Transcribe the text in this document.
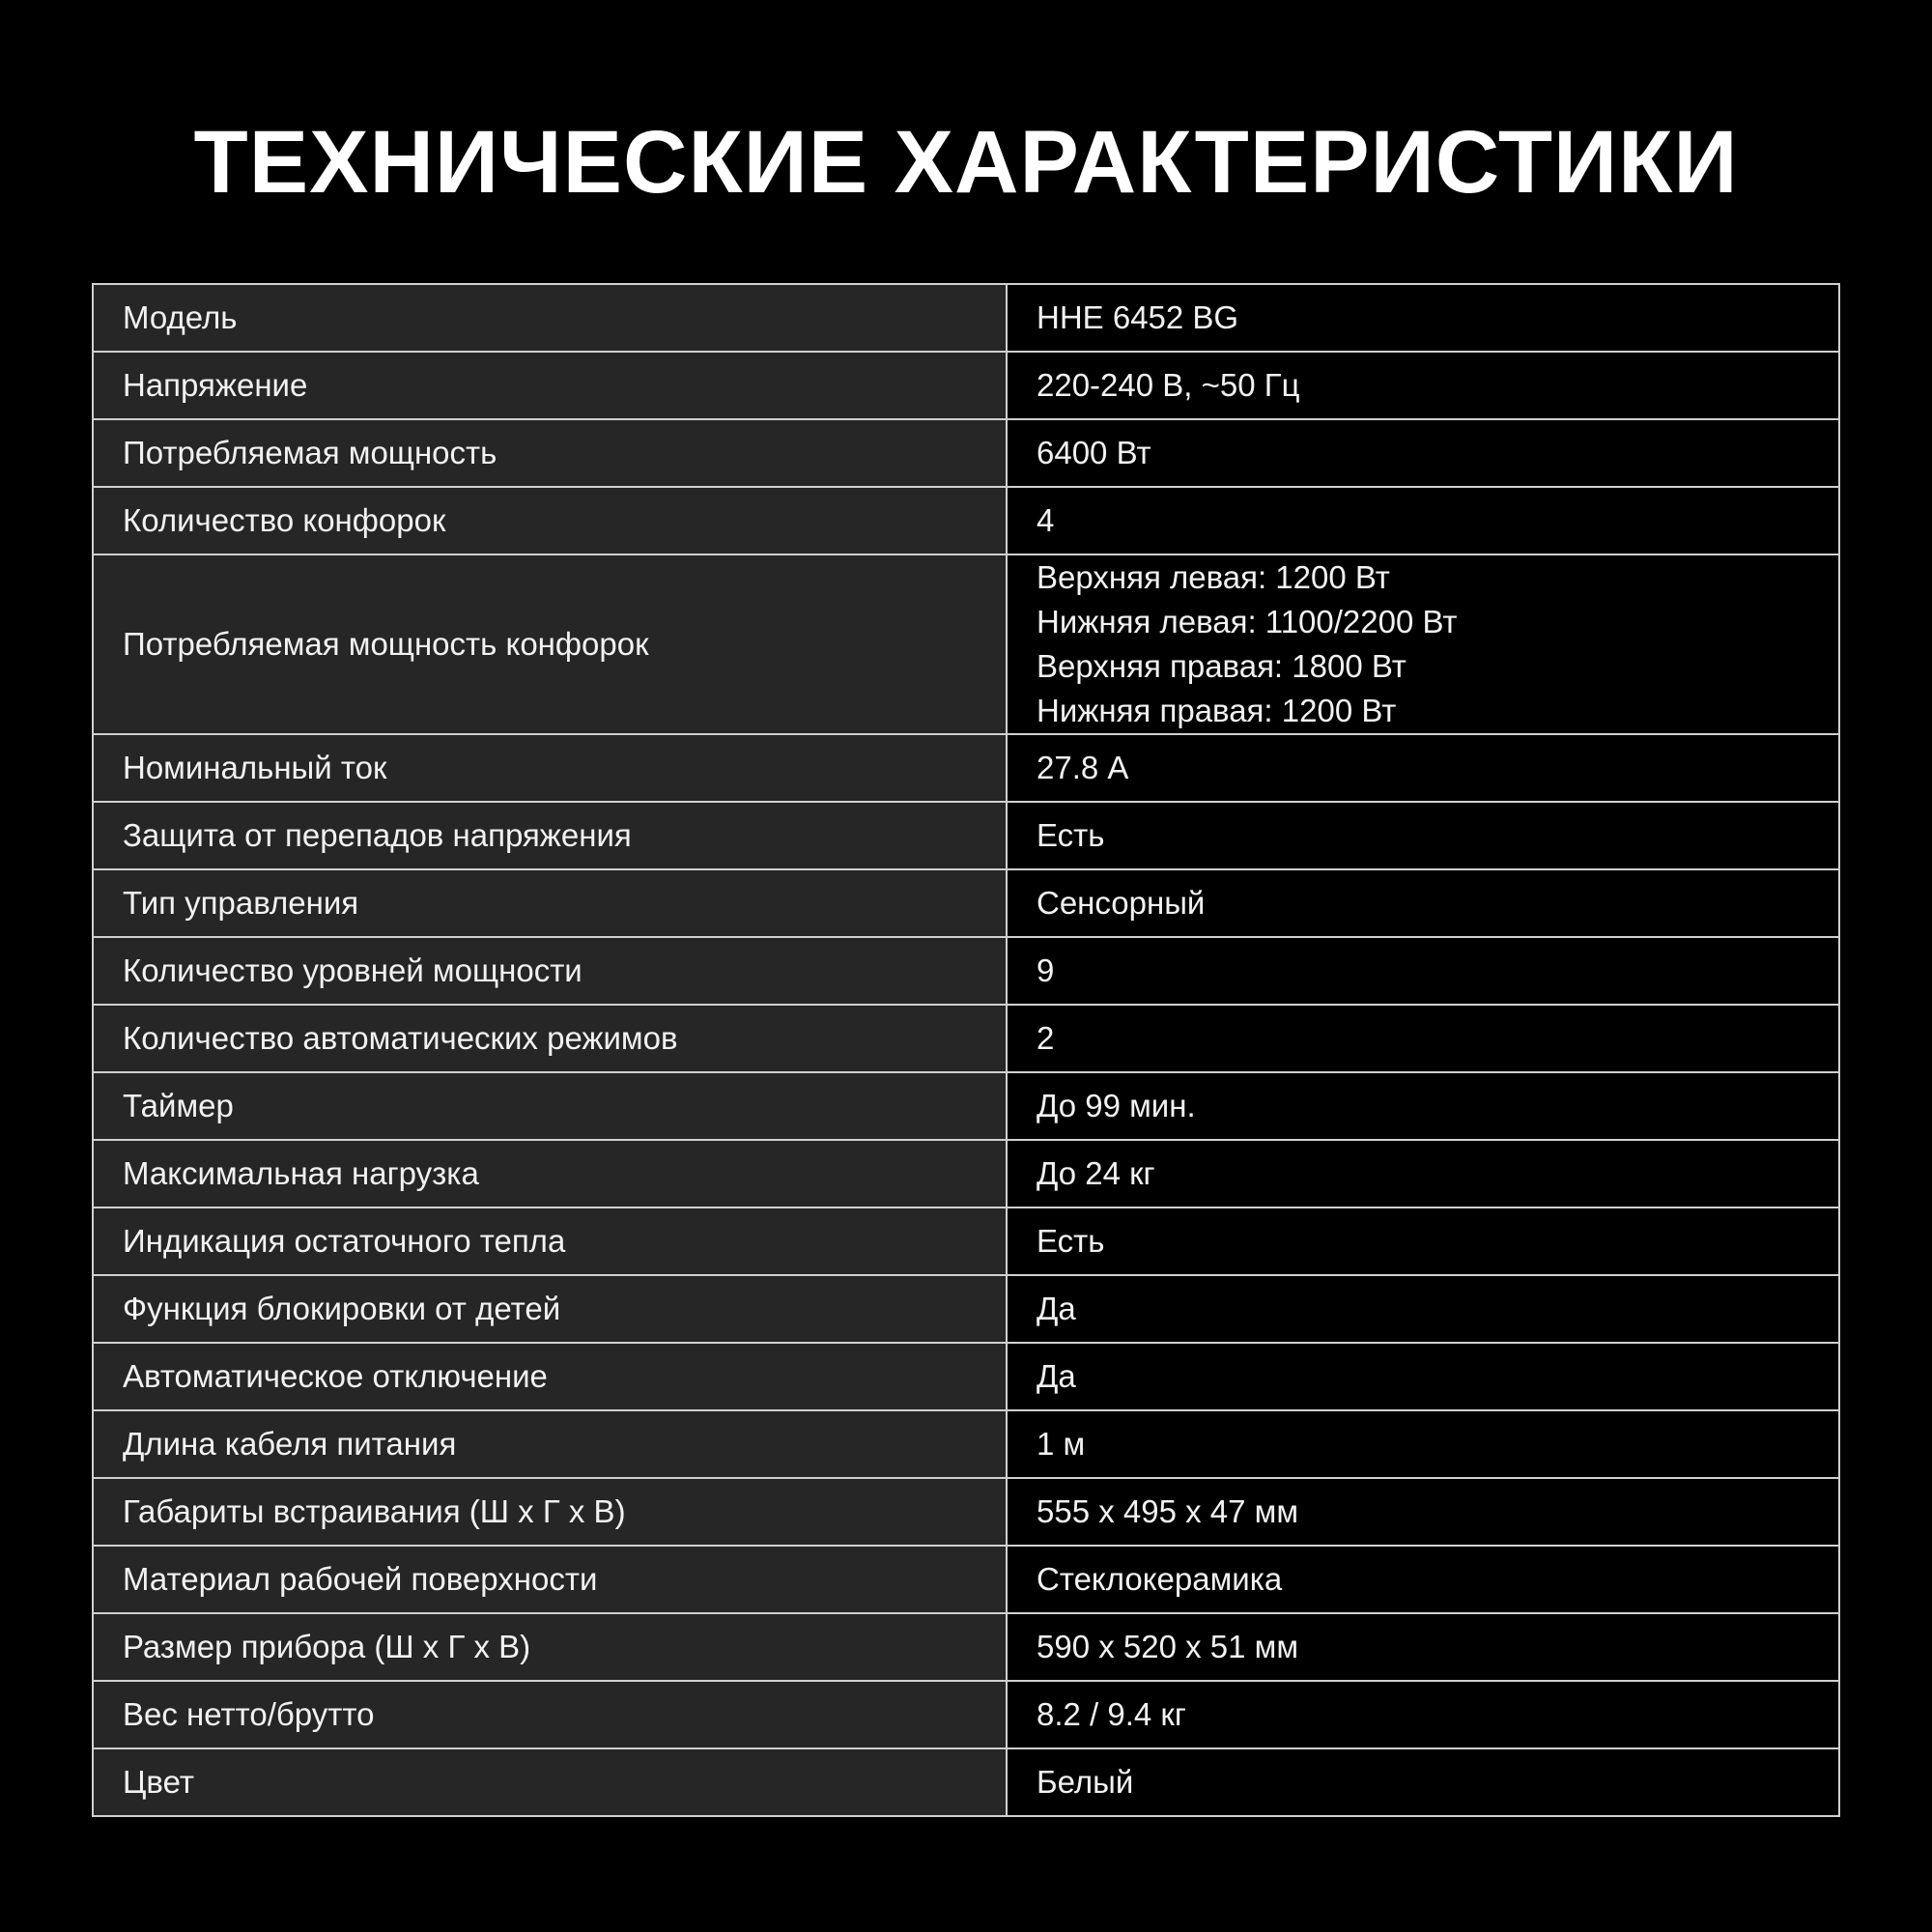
ТЕХНИЧЕСКИЕ ХАРАКТЕРИСТИКИ
Модель	HHE 6452 BG
Напряжение	220-240 В, ~50 Гц
Потребляемая мощность	6400 Вт
Количество конфорок	4
Потребляемая мощность конфорок	Верхняя левая: 1200 Вт
Нижняя левая: 1100/2200 Вт
Верхняя правая: 1800 Вт
Нижняя правая: 1200 Вт

Номинальный ток	27.8 А
Защита от перепадов напряжения	Есть
Тип управления	Сенсорный
Количество уровней мощности	9
Количество автоматических режимов	2
Таймер	До 99 мин.
Максимальная нагрузка	До 24 кг
Индикация остаточного тепла	Есть
Функция блокировки от детей	Да
Автоматическое отключение	Да
Длина кабеля питания	1 м
Габариты встраивания (Ш х Г х В)	555 х 495 х 47 мм
Материал рабочей поверхности	Стеклокерамика
Размер прибора (Ш х Г х В)	590 х 520 х 51 мм
Вес нетто/брутто	8.2 / 9.4 кг
Цвет	Белый
